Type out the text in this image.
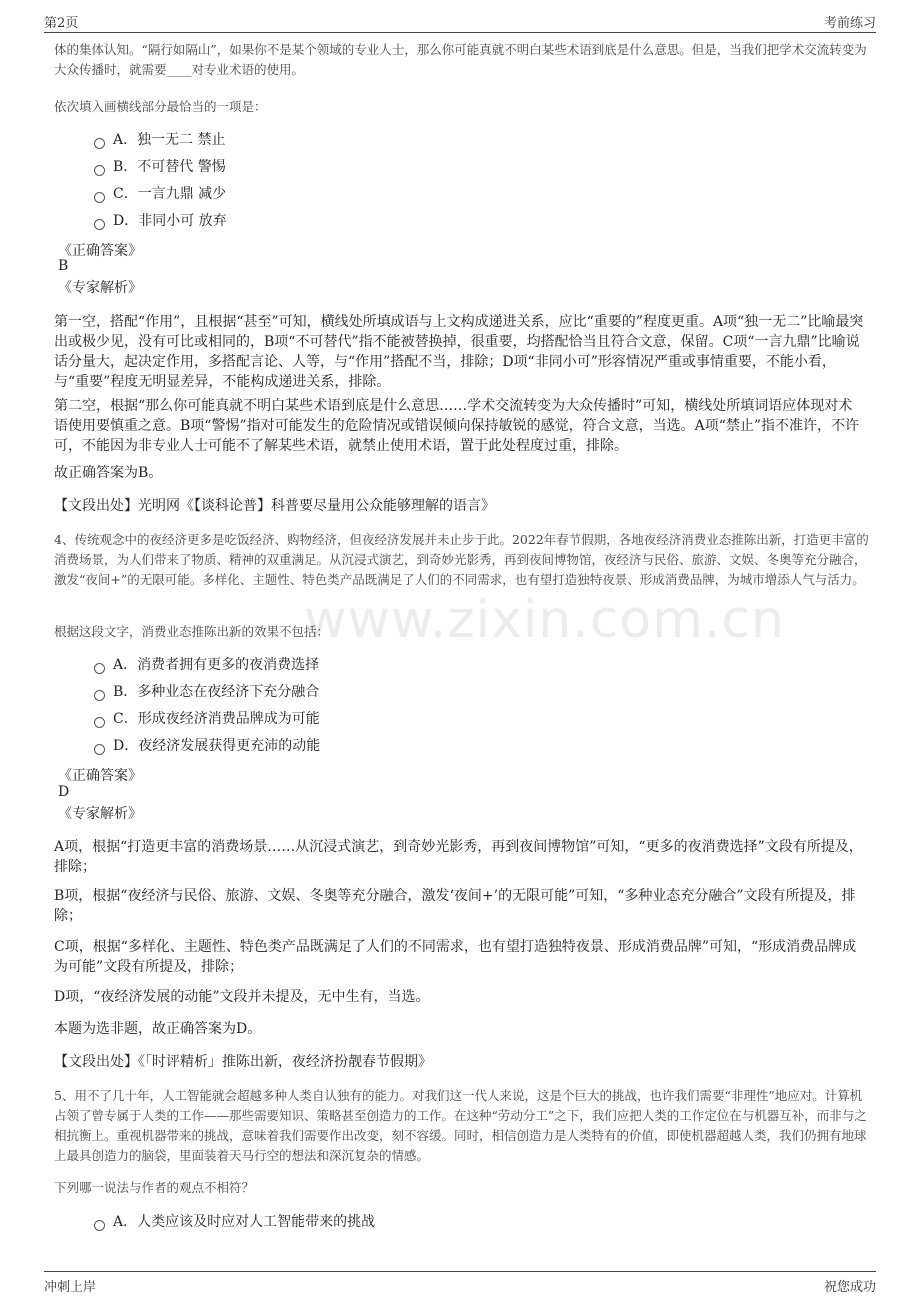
第2页	考前练习
www.zixin.com.cn
体的集体认知。“隔行如隔山”，如果你不是某个领域的专业人士，那么你可能真就不明白某些术语到底是什么意思。但是，当我们把学术交流转变为大众传播时，就需要____对专业术语的使用。
依次填入画横线部分最恰当的一项是：
A．独一无二 禁止
B．不可替代 警惕
C．一言九鼎 减少
D．非同小可 放弃
《正确答案》
B
《专家解析》
第一空，搭配“作用”，且根据“甚至”可知，横线处所填成语与上文构成递进关系，应比“重要的”程度更重。A项“独一无二”比喻最突出或极少见，没有可比或相同的，B项“不可替代”指不能被替换掉，很重要，均搭配恰当且符合文意，保留。C项“一言九鼎”比喻说话分量大，起决定作用，多搭配言论、人等，与“作用”搭配不当，排除；D项“非同小可”形容情况严重或事情重要，不能小看，与“重要”程度无明显差异，不能构成递进关系，排除。
第二空，根据“那么你可能真就不明白某些术语到底是什么意思……学术交流转变为大众传播时”可知，横线处所填词语应体现对术语使用要慎重之意。B项“警惕”指对可能发生的危险情况或错误倾向保持敏锐的感觉，符合文意，当选。A项“禁止”指不准许，不许可，不能因为非专业人士可能不了解某些术语，就禁止使用术语，置于此处程度过重，排除。
故正确答案为B。
【文段出处】光明网《【谈科论普】科普要尽量用公众能够理解的语言》
4、传统观念中的夜经济更多是吃饭经济、购物经济，但夜经济发展并未止步于此。2022年春节假期，各地夜经济消费业态推陈出新，打造更丰富的消费场景，为人们带来了物质、精神的双重满足。从沉浸式演艺，到奇妙光影秀，再到夜间博物馆，夜经济与民俗、旅游、文娱、冬奥等充分融合，激发“夜间+”的无限可能。多样化、主题性、特色类产品既满足了人们的不同需求，也有望打造独特夜景、形成消费品牌，为城市增添人气与活力。
根据这段文字，消费业态推陈出新的效果不包括：
A．消费者拥有更多的夜消费选择
B．多种业态在夜经济下充分融合
C．形成夜经济消费品牌成为可能
D．夜经济发展获得更充沛的动能
《正确答案》
D
《专家解析》
A项，根据“打造更丰富的消费场景……从沉浸式演艺，到奇妙光影秀，再到夜间博物馆”可知，“更多的夜消费选择”文段有所提及，排除；
B项，根据“夜经济与民俗、旅游、文娱、冬奥等充分融合，激发‘夜间+’的无限可能”可知，“多种业态充分融合”文段有所提及，排除；
C项，根据“多样化、主题性、特色类产品既满足了人们的不同需求，也有望打造独特夜景、形成消费品牌”可知，“形成消费品牌成为可能”文段有所提及，排除；
D项，“夜经济发展的动能”文段并未提及，无中生有，当选。
本题为选非题，故正确答案为D。
【文段出处】《「时评精析」推陈出新，夜经济扮靓春节假期》
5、用不了几十年，人工智能就会超越多种人类自认独有的能力。对我们这一代人来说，这是个巨大的挑战，也许我们需要“非理性”地应对。计算机占领了曾专属于人类的工作——那些需要知识、策略甚至创造力的工作。在这种“劳动分工”之下，我们应把人类的工作定位在与机器互补，而非与之相抗衡上。重视机器带来的挑战，意味着我们需要作出改变，刻不容缓。同时，相信创造力是人类特有的价值，即使机器超越人类，我们仍拥有地球上最具创造力的脑袋，里面装着天马行空的想法和深沉复杂的情感。
下列哪一说法与作者的观点不相符？
A．人类应该及时应对人工智能带来的挑战
冲刺上岸	祝您成功
